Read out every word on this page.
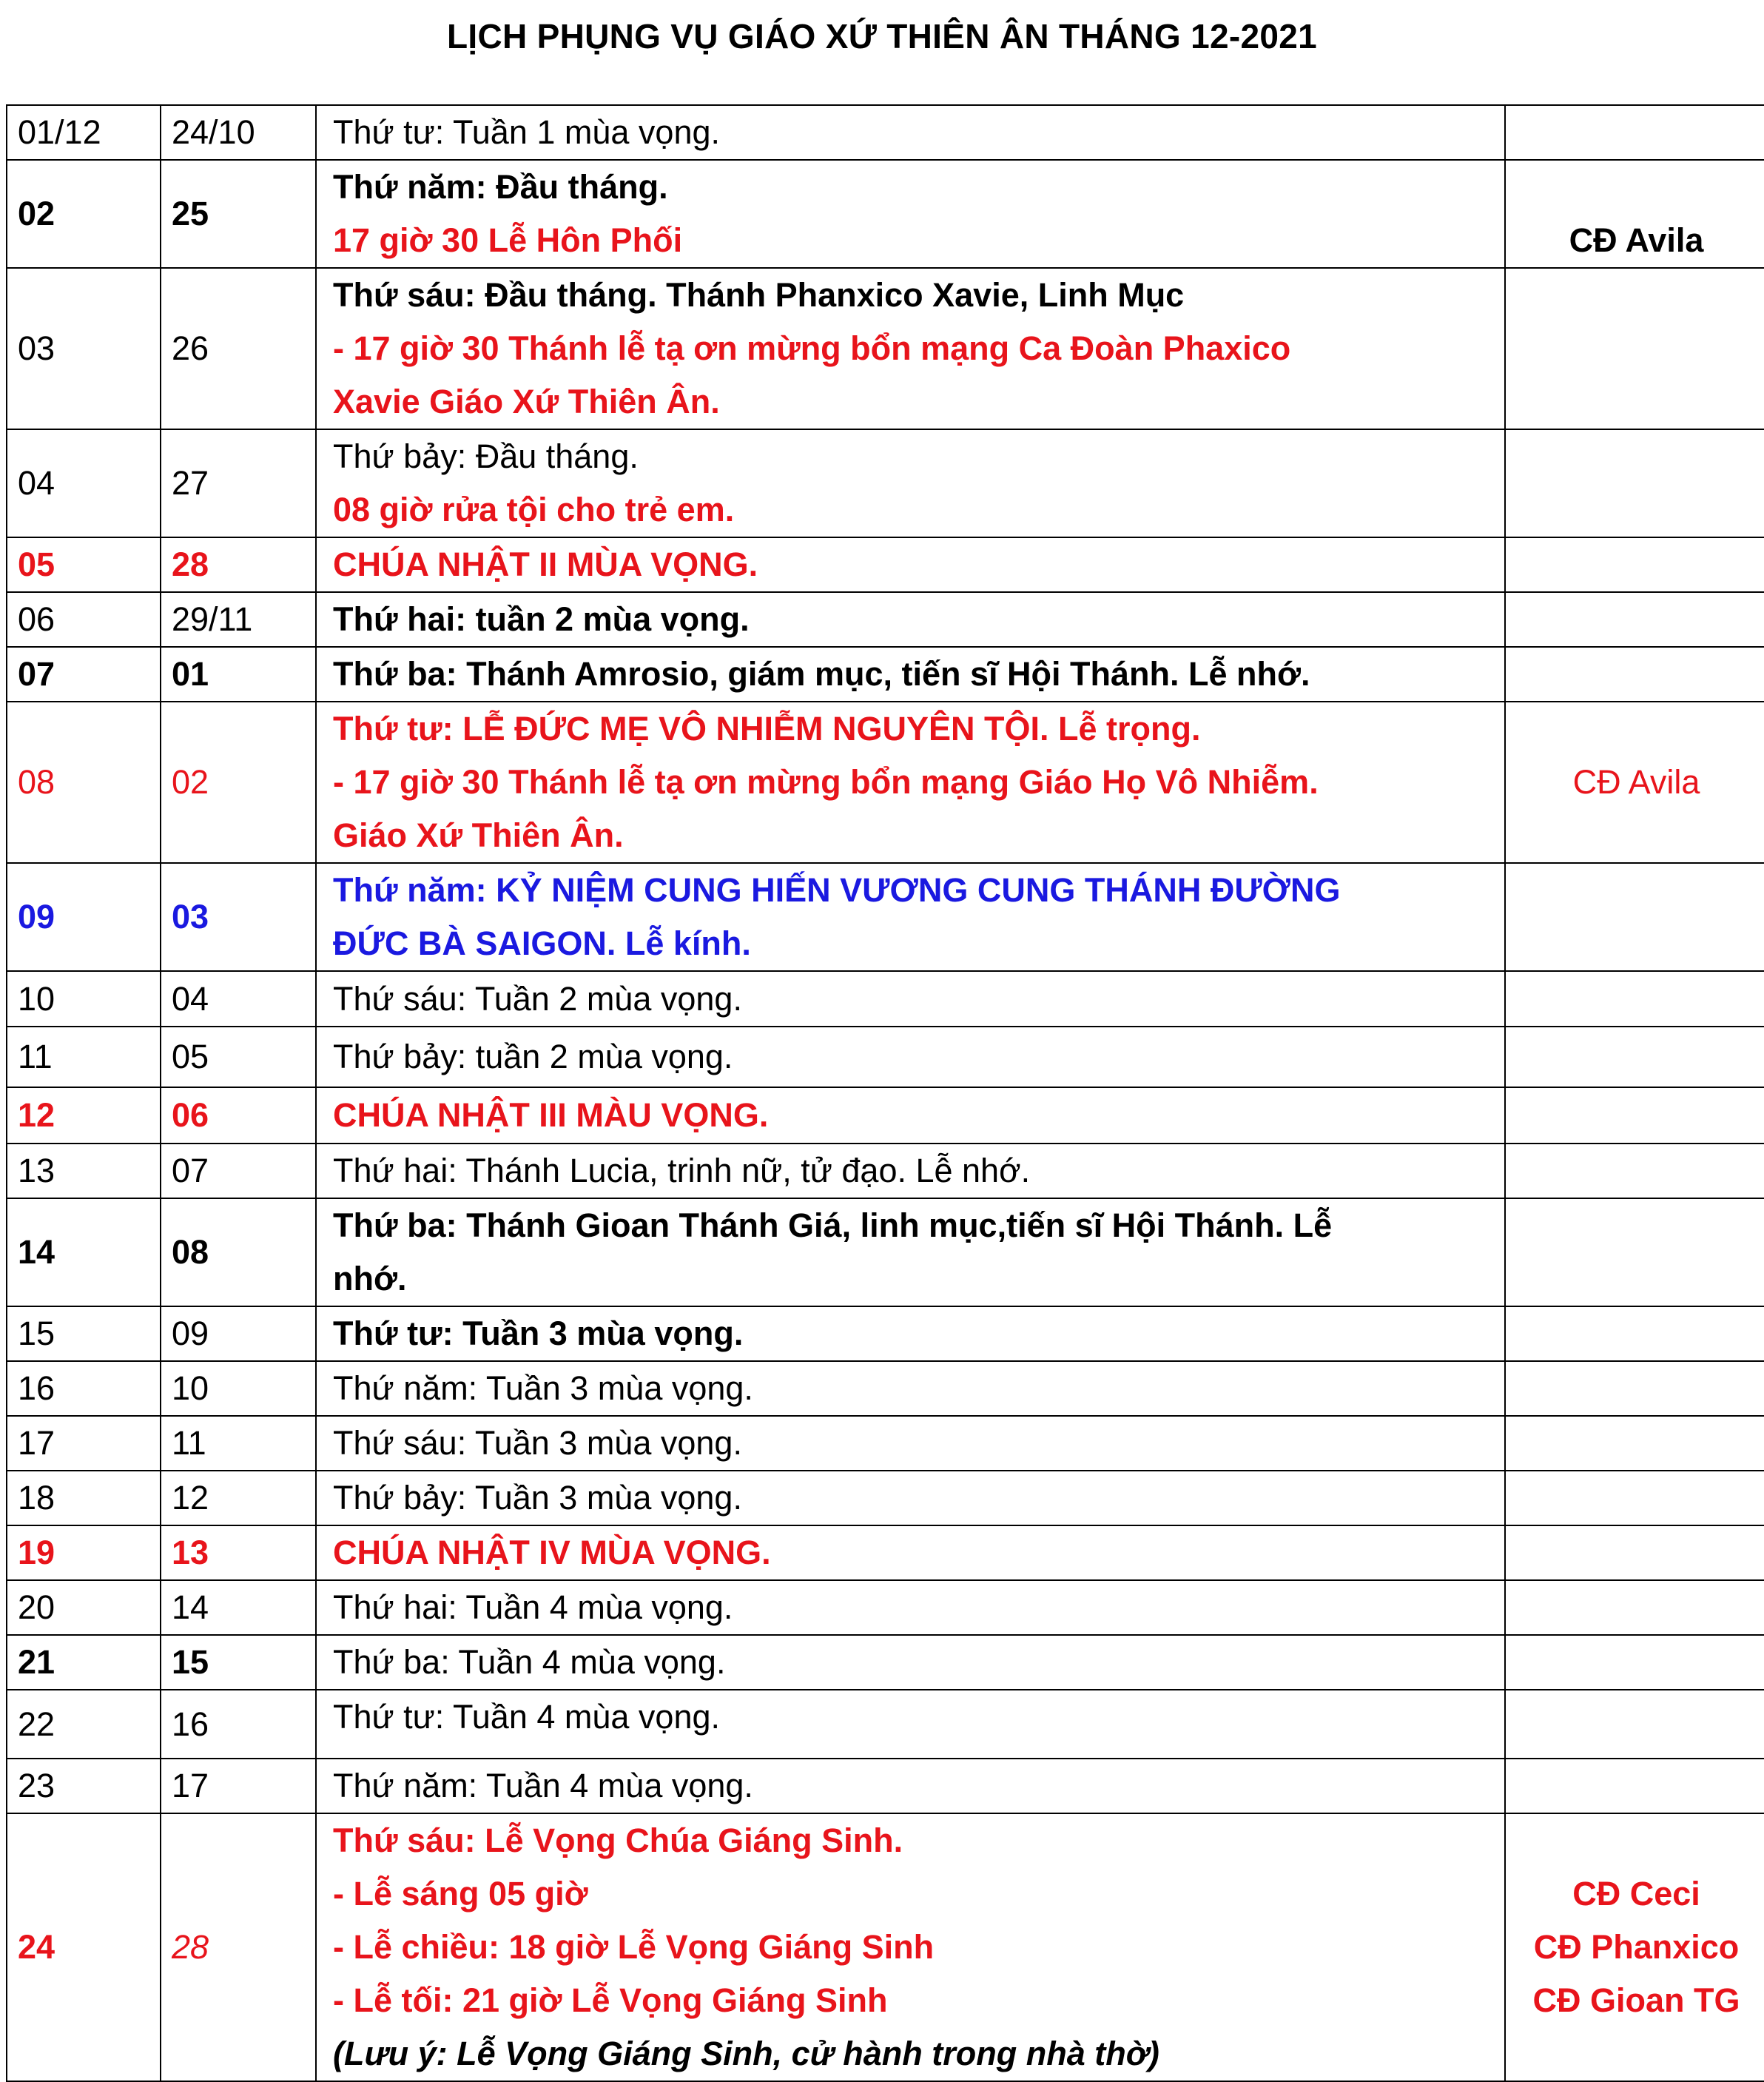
LỊCH PHỤNG VỤ GIÁO XỨ THIÊN ÂN THÁNG 12-2021
01/12	24/10	Thứ tư: Tuần 1 mùa vọng.	

02	25	Thứ năm: Đầu tháng.
17 giờ 30 Lễ Hôn Phối	CĐ Avila
03	26	Thứ sáu: Đầu tháng. Thánh Phanxico Xavie, Linh Mục
- 17 giờ 30 Thánh lễ tạ ơn mừng bổn mạng Ca Đoàn Phaxico
Xavie Giáo Xứ Thiên Ân.	

04	27	Thứ bảy: Đầu tháng.
08 giờ rửa tội cho trẻ em.	

05	28	CHÚA NHẬT II MÙA VỌNG.	

06	29/11	Thứ hai: tuần 2 mùa vọng.	

07	01	Thứ ba: Thánh Amrosio, giám mục, tiến sĩ Hội Thánh. Lễ nhớ.	

08	02	Thứ tư: LỄ ĐỨC MẸ VÔ NHIỄM NGUYÊN TỘI. Lễ trọng.
- 17 giờ 30 Thánh lễ tạ ơn mừng bổn mạng Giáo Họ Vô Nhiễm.
Giáo Xứ Thiên Ân.	CĐ Avila
09	03	Thứ năm: KỶ NIỆM CUNG HIẾN VƯƠNG CUNG THÁNH ĐƯỜNG
ĐỨC BÀ SAIGON. Lễ kính.	

10	04	Thứ sáu: Tuần 2 mùa vọng.	

11	05	Thứ bảy: tuần 2 mùa vọng.	

12	06	CHÚA NHẬT III MÀU VỌNG.	

13	07	Thứ hai: Thánh Lucia, trinh nữ, tử đạo. Lễ nhớ.	

14	08	Thứ ba: Thánh Gioan Thánh Giá, linh mục,tiến sĩ Hội Thánh. Lễ
nhớ.	

15	09	Thứ tư: Tuần 3 mùa vọng.	

16	10	Thứ năm: Tuần 3 mùa vọng.	

17	11	Thứ sáu: Tuần 3 mùa vọng.	

18	12	Thứ bảy: Tuần 3 mùa vọng.	

19	13	CHÚA NHẬT IV MÙA VỌNG.	

20	14	Thứ hai: Tuần 4 mùa vọng.	

21	15	Thứ ba: Tuần 4 mùa vọng.	

22	16	Thứ tư: Tuần 4 mùa vọng.	

23	17	Thứ năm: Tuần 4 mùa vọng.	

24	28	Thứ sáu: Lễ Vọng Chúa Giáng Sinh.
- Lễ sáng 05 giờ
- Lễ chiều: 18 giờ Lễ Vọng Giáng Sinh
- Lễ tối: 21 giờ Lễ Vọng Giáng Sinh
(Lưu ý: Lễ Vọng Giáng Sinh, cử hành trong nhà thờ)	CĐ Ceci
CĐ Phanxico
CĐ Gioan TG
